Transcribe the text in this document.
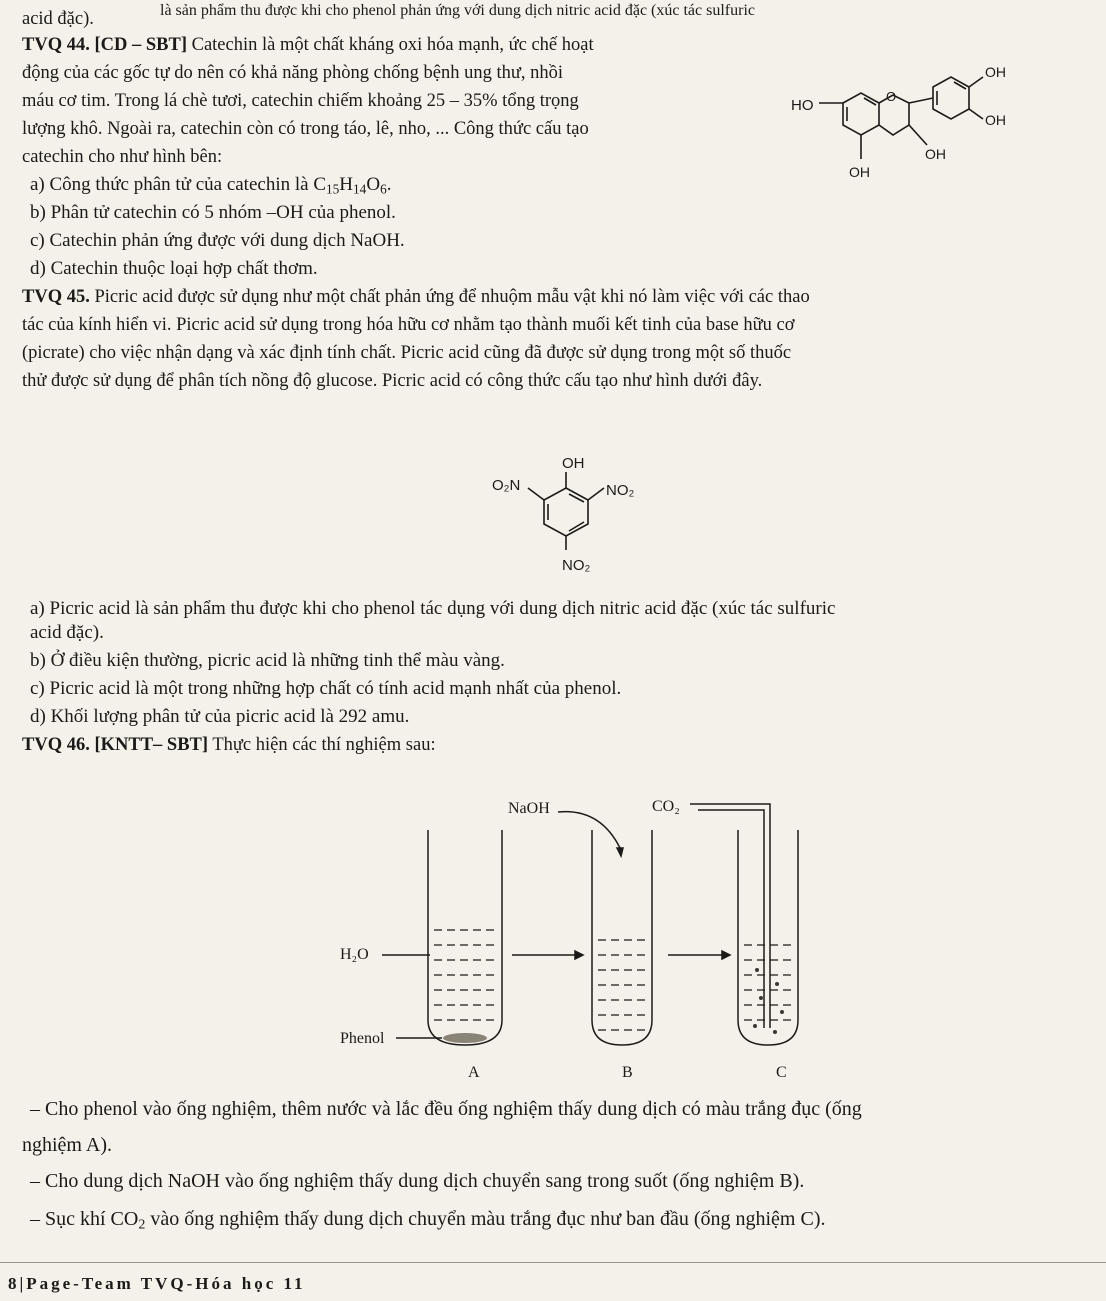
là sản phẩm thu được khi cho phenol phản ứng với dung dịch nitric acid đặc (xúc tác sulfuric
acid đặc).
TVQ 44. [CD – SBT] Catechin là một chất kháng oxi hóa mạnh, ức chế hoạt
động của các gốc tự do nên có khả năng phòng chống bệnh ung thư, nhồi
máu cơ tim. Trong lá chè tươi, catechin chiếm khoảng 25 – 35% tổng trọng
lượng khô. Ngoài ra, catechin còn có trong táo, lê, nho, ... Công thức cấu tạo
catechin cho như hình bên:
a) Công thức phân tử của catechin là $C_{15}H_{14}O_6$.
b) Phân tử catechin có 5 nhóm –OH của phenol.
c) Catechin phản ứng được với dung dịch NaOH.
d) Catechin thuộc loại hợp chất thơm.
HO
O
OH
OH
OH
OH
TVQ 45. Picric acid được sử dụng như một chất phản ứng để nhuộm mẫu vật khi nó làm việc với các thao
tác của kính hiển vi. Picric acid sử dụng trong hóa hữu cơ nhằm tạo thành muối kết tinh của base hữu cơ
(picrate) cho việc nhận dạng và xác định tính chất. Picric acid cũng đã được sử dụng trong một số thuốc
thử được sử dụng để phân tích nồng độ glucose. Picric acid có công thức cấu tạo như hình dưới đây.
OH
O₂N	NO₂
NO₂
a) Picric acid là sản phẩm thu được khi cho phenol tác dụng với dung dịch nitric acid đặc (xúc tác sulfuric
acid đặc).
b) Ở điều kiện thường, picric acid là những tinh thể màu vàng.
c) Picric acid là một trong những hợp chất có tính acid mạnh nhất của phenol.
d) Khối lượng phân tử của picric acid là 292 amu.
TVQ 46. [KNTT– SBT] Thực hiện các thí nghiệm sau:
NaOH	CO₂
H₂O
Phenol
A	B	C
– Cho phenol vào ống nghiệm, thêm nước và lắc đều ống nghiệm thấy dung dịch có màu trắng đục (ống
nghiệm A).
– Cho dung dịch NaOH vào ống nghiệm thấy dung dịch chuyển sang trong suốt (ống nghiệm B).
– Sục khí $CO_2$ vào ống nghiệm thấy dung dịch chuyển màu trắng đục như ban đầu (ống nghiệm C).
8|Page-Team TVQ-Hóa học 11
